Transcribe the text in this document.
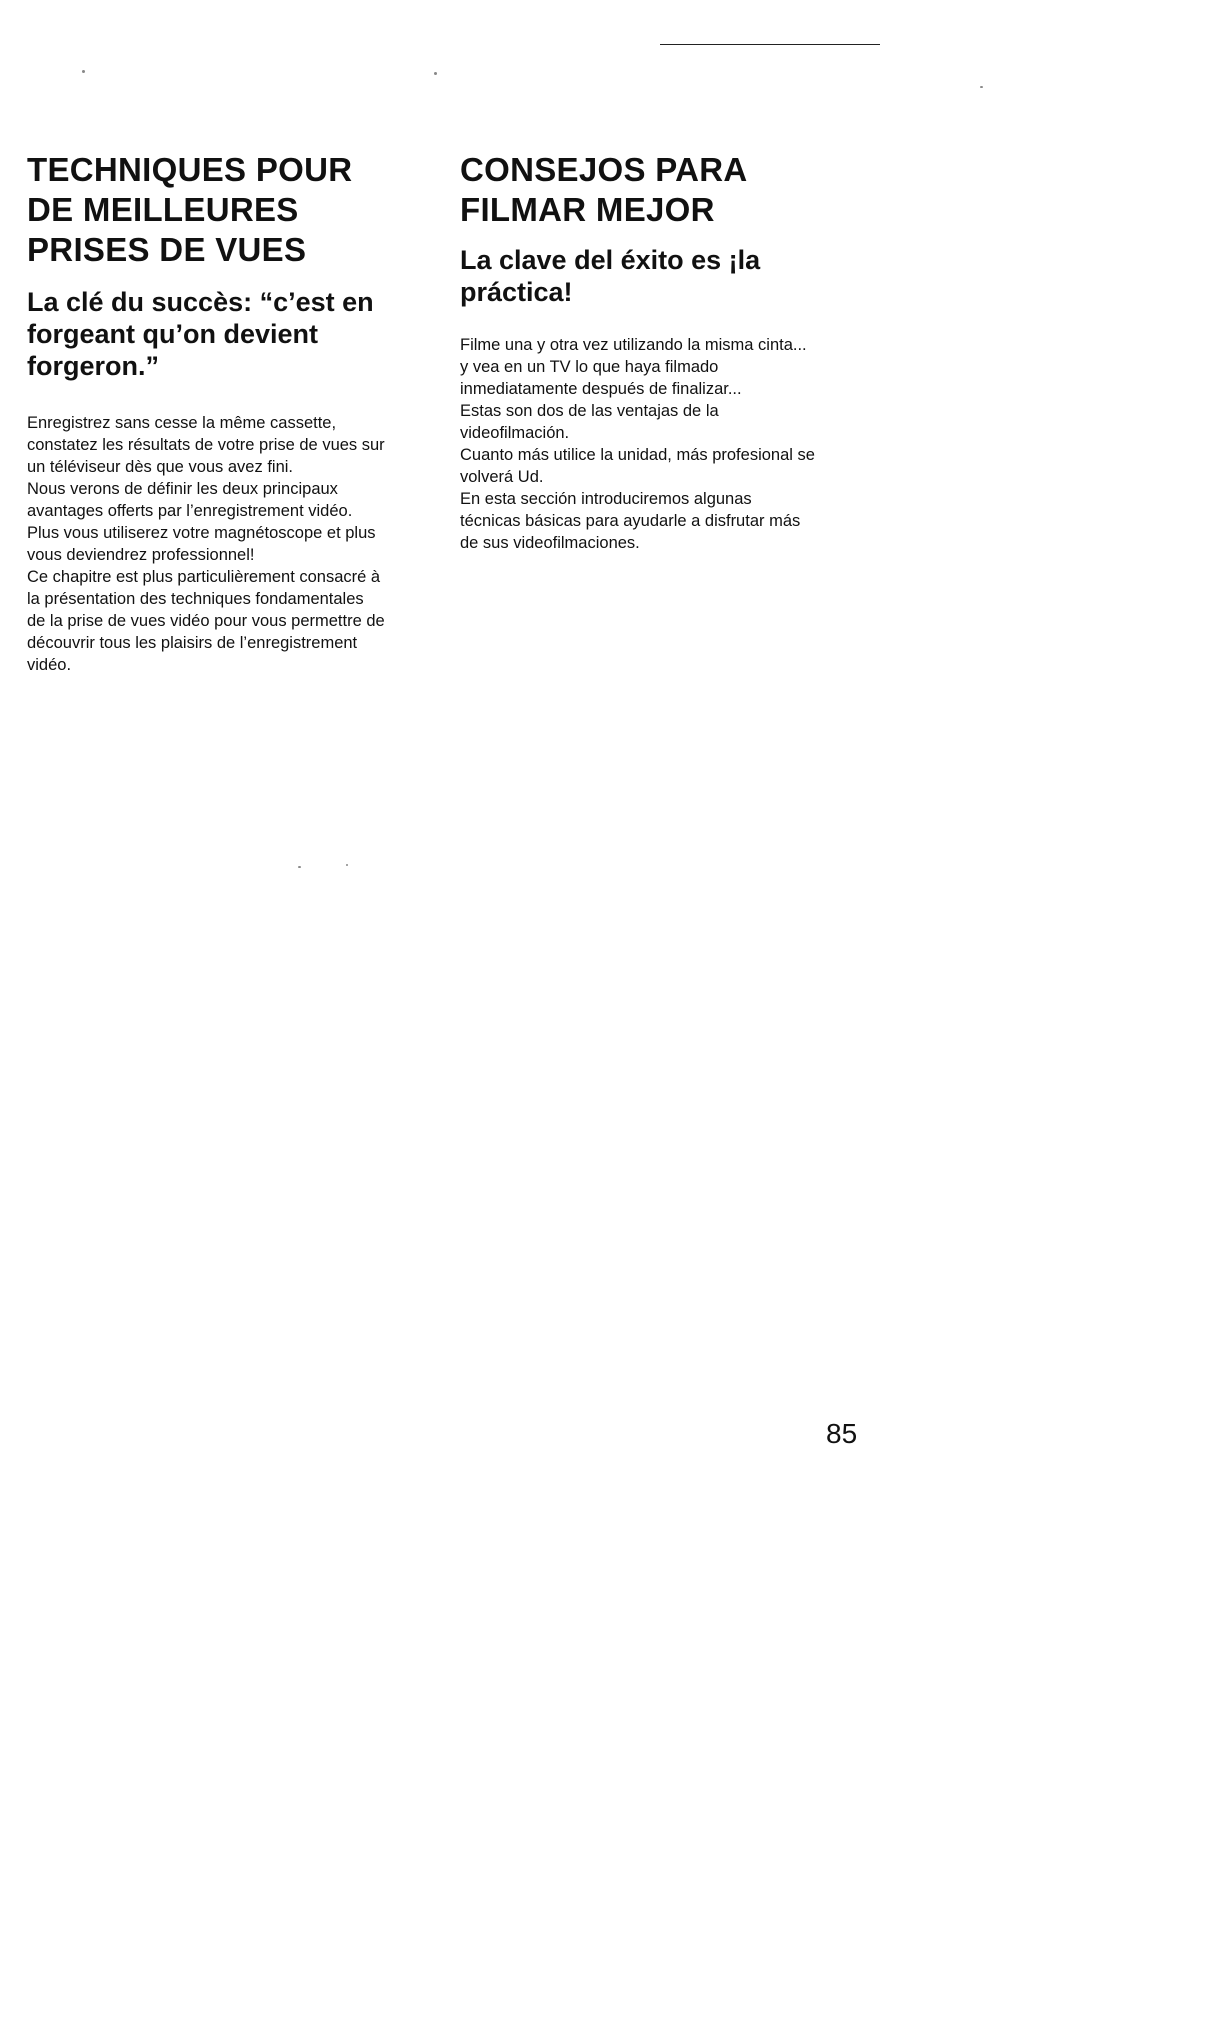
TECHNIQUES POUR
DE MEILLEURES
PRISES DE VUES
La clé du succès: “c’est en
forgeant qu’on devient
forgeron.”

Enregistrez sans cesse la même cassette,
constatez les résultats de votre prise de vues sur
un téléviseur dès que vous avez fini.
Nous verons de définir les deux principaux
avantages offerts par l’enregistrement vidéo.
Plus vous utiliserez votre magnétoscope et plus
vous deviendrez professionnel!
Ce chapitre est plus particulièrement consacré à
la présentation des techniques fondamentales
de la prise de vues vidéo pour vous permettre de
découvrir tous les plaisirs de l’enregistrement
vidéo.

CONSEJOS PARA
FILMAR MEJOR
La clave del éxito es ¡la
práctica!

Filme una y otra vez utilizando la misma cinta...
y vea en un TV lo que haya filmado
inmediatamente después de finalizar...
Estas son dos de las ventajas de la
videofilmación.
Cuanto más utilice la unidad, más profesional se
volverá Ud.
En esta sección introduciremos algunas
técnicas básicas para ayudarle a disfrutar más
de sus videofilmaciones.

85
